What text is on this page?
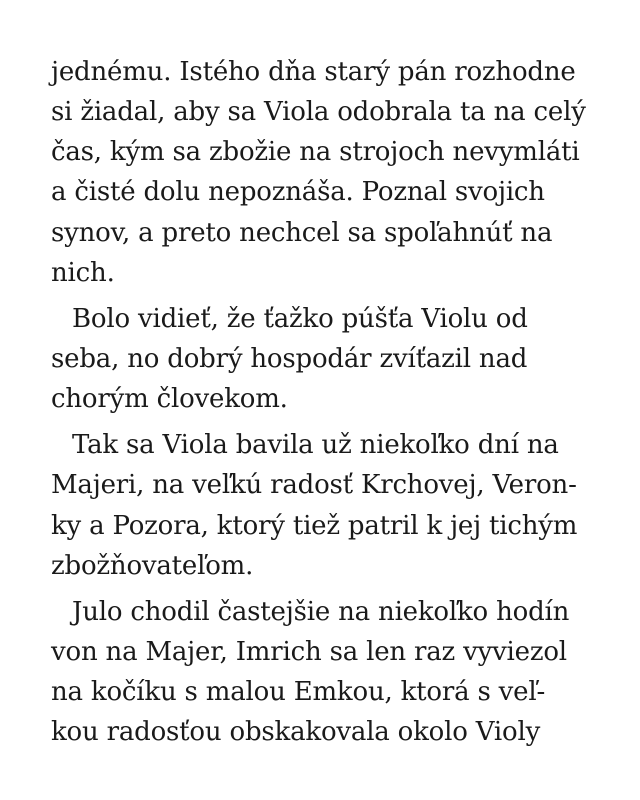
jednému. Istého dňa starý pán rozhodne
si žiadal, aby sa Viola odobrala ta na celý
čas, kým sa zbožie na strojoch nevymláti
a čisté dolu nepoznáša. Poznal svojich
synov, a preto nechcel sa spoľahnúť na
nich.
Bolo vidieť, že ťažko púšťa Violu od
seba, no dobrý hospodár zvíťazil nad
chorým človekom.
Tak sa Viola bavila už niekoľko dní na
Majeri, na veľkú radosť Krchovej, Veron-
ky a Pozora, ktorý tiež patril k jej tichým
zbožňovateľom.
Julo chodil častejšie na niekoľko hodín
von na Majer, Imrich sa len raz vyviezol
na kočíku s malou Emkou, ktorá s veľ-
kou radosťou obskakovala okolo Violy
